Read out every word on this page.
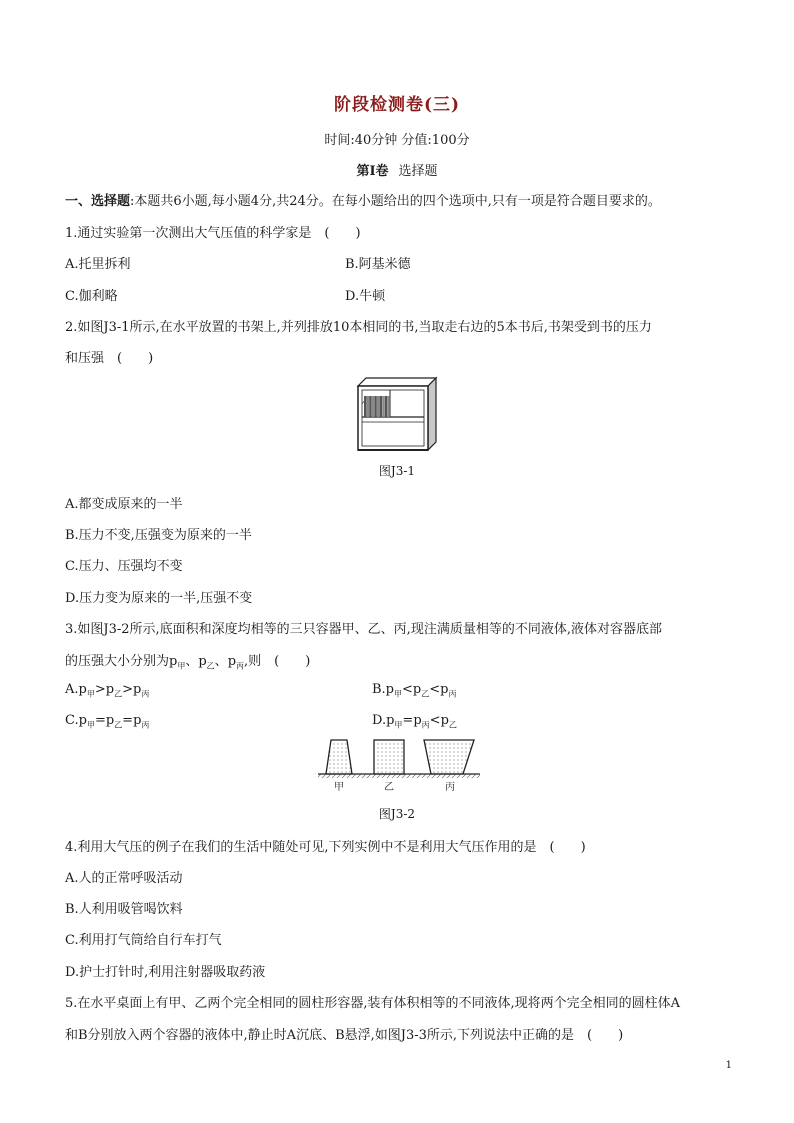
阶段检测卷(三)
时间:40分钟 分值:100分
第Ⅰ卷 选择题
一、选择题:本题共6小题,每小题4分,共24分。在每小题给出的四个选项中,只有一项是符合题目要求的。
1.通过实验第一次测出大气压值的科学家是　(　　)
A.托里拆利	B.阿基米德
C.伽利略	D.牛顿
2.如图J3-1所示,在水平放置的书架上,并列排放10本相同的书,当取走右边的5本书后,书架受到书的压力
和压强　(　　)
图J3-1
A.都变成原来的一半
B.压力不变,压强变为原来的一半
C.压力、压强均不变
D.压力变为原来的一半,压强不变
3.如图J3-2所示,底面积和深度均相等的三只容器甲、乙、丙,现注满质量相等的不同液体,液体对容器底部
的压强大小分别为$p_甲$、$p_乙$、$p_丙$,则　(　　)
$A.p_甲>p_乙>p_丙$	$B.p_甲<p_乙<p_丙$
$C.p_甲=p_乙=p_丙$	$D.p_甲=p_丙<p_乙$
甲	乙	丙
图J3-2
4.利用大气压的例子在我们的生活中随处可见,下列实例中不是利用大气压作用的是　(　　)
A.人的正常呼吸活动
B.人利用吸管喝饮料
C.利用打气筒给自行车打气
D.护士打针时,利用注射器吸取药液
5.在水平桌面上有甲、乙两个完全相同的圆柱形容器,装有体积相等的不同液体,现将两个完全相同的圆柱体A
和B分别放入两个容器的液体中,静止时A沉底、B悬浮,如图J3-3所示,下列说法中正确的是　(　　)
1
